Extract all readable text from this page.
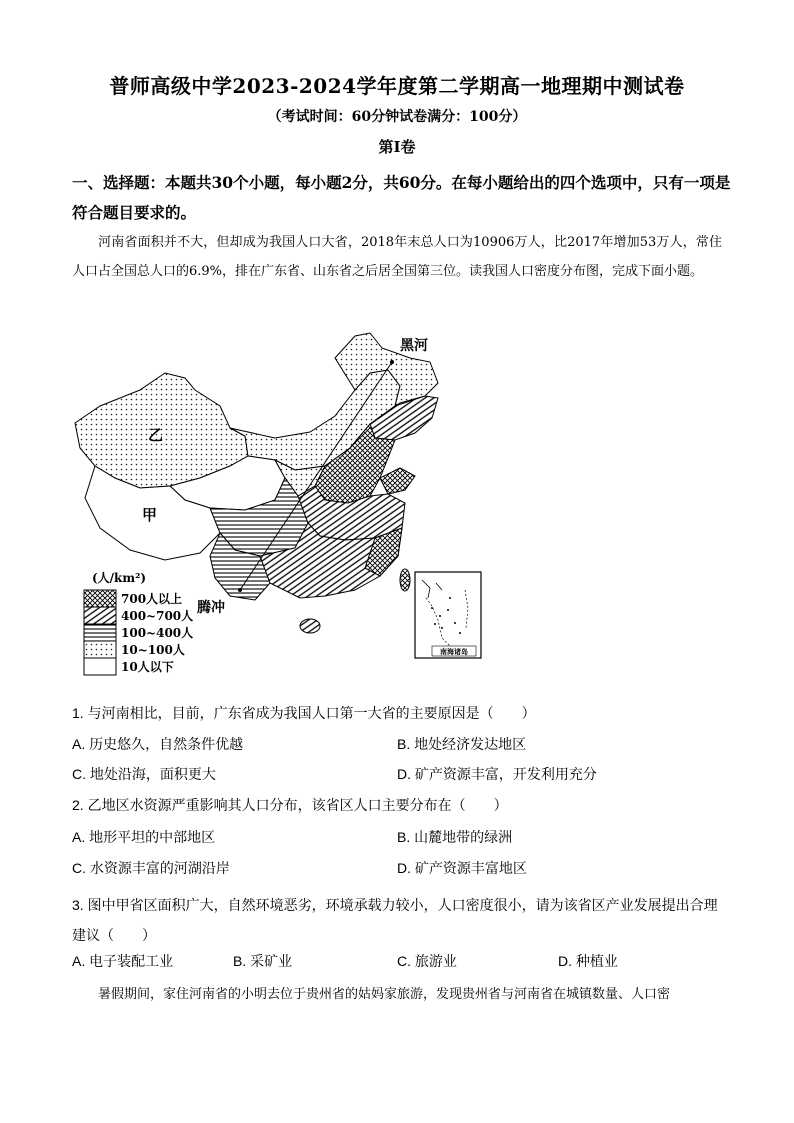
普师高级中学2023-2024学年度第二学期高一地理期中测试卷
（考试时间：60分钟试卷满分：100分）
第I卷
一、选择题：本题共30个小题，每小题2分，共60分。在每小题给出的四个选项中，只有一项是符合题目要求的。
河南省面积并不大，但却成为我国人口大省，2018年末总人口为10906万人，比2017年增加53万人，常住人口占全国总人口的6.9%，排在广东省、山东省之后居全国第三位。读我国人口密度分布图，完成下面小题。
南海诸岛
黑河
乙
甲
腾冲
(人/km²)
700人以上
400~700人
100~400人
10~100人
10人以下
1. 与河南相比，目前，广东省成为我国人口第一大省的主要原因是（　　）
A. 历史悠久，自然条件优越	B. 地处经济发达地区
C. 地处沿海，面积更大	D. 矿产资源丰富，开发利用充分
2. 乙地区水资源严重影响其人口分布，该省区人口主要分布在（　　）
A. 地形平坦的中部地区	B. 山麓地带的绿洲
C. 水资源丰富的河湖沿岸	D. 矿产资源丰富地区
3. 图中甲省区面积广大，自然环境恶劣，环境承载力较小，人口密度很小，请为该省区产业发展提出合理建议（　　）
A. 电子装配工业	B. 采矿业	C. 旅游业	D. 种植业
暑假期间，家住河南省的小明去位于贵州省的姑妈家旅游，发现贵州省与河南省在城镇数量、人口密
